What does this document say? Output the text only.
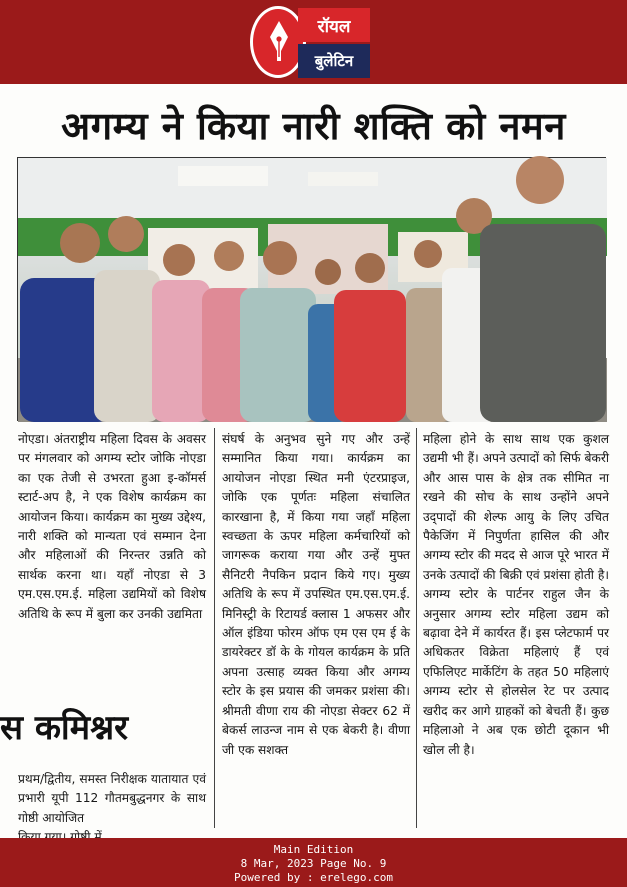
रॉयल
बुलेटिन
अगम्य ने किया नारी शक्ति को नमन

नोएडा। अंतराष्ट्रीय महिला दिवस के अवसर पर मंगलवार को अगम्य स्टोर जोकि नोएडा का एक तेजी से उभरता हुआ इ-कॉमर्स स्टार्ट-अप है, ने एक विशेष कार्यक्रम का आयोजन किया। कार्यक्रम का मुख्य उद्देश्य, नारी शक्ति को मान्यता एवं सम्मान देना और महिलाओं की निरन्तर उन्नति को सार्थक करना था। यहाँ नोएडा से 3 एम.एस.एम.ई. महिला उद्यमियों को विशेष अतिथि के रूप में बुला कर उनकी उद्यमिता

संघर्ष के अनुभव सुने गए और उन्हें सम्मानित किया गया। कार्यक्रम का आयोजन नोएडा स्थित मनी एंटरप्राइज, जोकि एक पूर्णतः महिला संचालित कारखाना है, में किया गया जहाँ महिला स्वच्छता के ऊपर महिला कर्मचारियों को जागरूक कराया गया और उन्हें मुफ्त सैनिटरी नैपकिन प्रदान किये गए। मुख्य अतिथि के रूप में उपस्थित एम.एस.एम.ई. मिनिस्ट्री के रिटायर्ड क्लास 1 अफसर और ऑल इंडिया फोरम ऑफ एम एस एम ई के डायरेक्टर डॉ के के गोयल कार्यक्रम के प्रति अपना उत्साह व्यक्त किया और अगम्य स्टोर के इस प्रयास की जमकर प्रशंसा की। श्रीमती वीणा राय की नोएडा सेक्टर 62 में बेकर्स लाउन्ज नाम से एक बेकरी है। वीणा जी एक सशक्त

महिला होने के साथ साथ एक कुशल उद्यमी भी हैं। अपने उत्पादों को सिर्फ बेकरी और आस पास के क्षेत्र तक सीमित ना रखने की सोच के साथ उन्होंने अपने उद्पादों की शेल्फ आयु के लिए उचित पैकेजिंग में निपुर्णता हासिल की और अगम्य स्टोर की मदद से आज पूरे भारत में उनके उत्पादों की बिक्री एवं प्रशंसा होती है। अगम्य स्टोर के पार्टनर राहुल जैन के अनुसार अगम्य स्टोर महिला उद्यम को बढ़ावा देने में कार्यरत हैं। इस प्लेटफार्म पर अधिकतर विक्रेता महिलाएं हैं एवं एफिलिएट मार्केटिंग के तहत 50 महिलाएं अगम्य स्टोर से होलसेल रेट पर उत्पाद खरीद कर आगे ग्राहकों को बेचती हैं। कुछ महिलाओ ने अब एक छोटी दूकान भी खोल ली है।

स कमिश्नर
प्रथम/द्वितीय, समस्त निरीक्षक यातायात एवं प्रभारी यूपी 112 गौतमबुद्धनगर के साथ गोष्ठी आयोजित
Main Edition
8 Mar, 2023 Page No. 9
Powered by : erelego.com
